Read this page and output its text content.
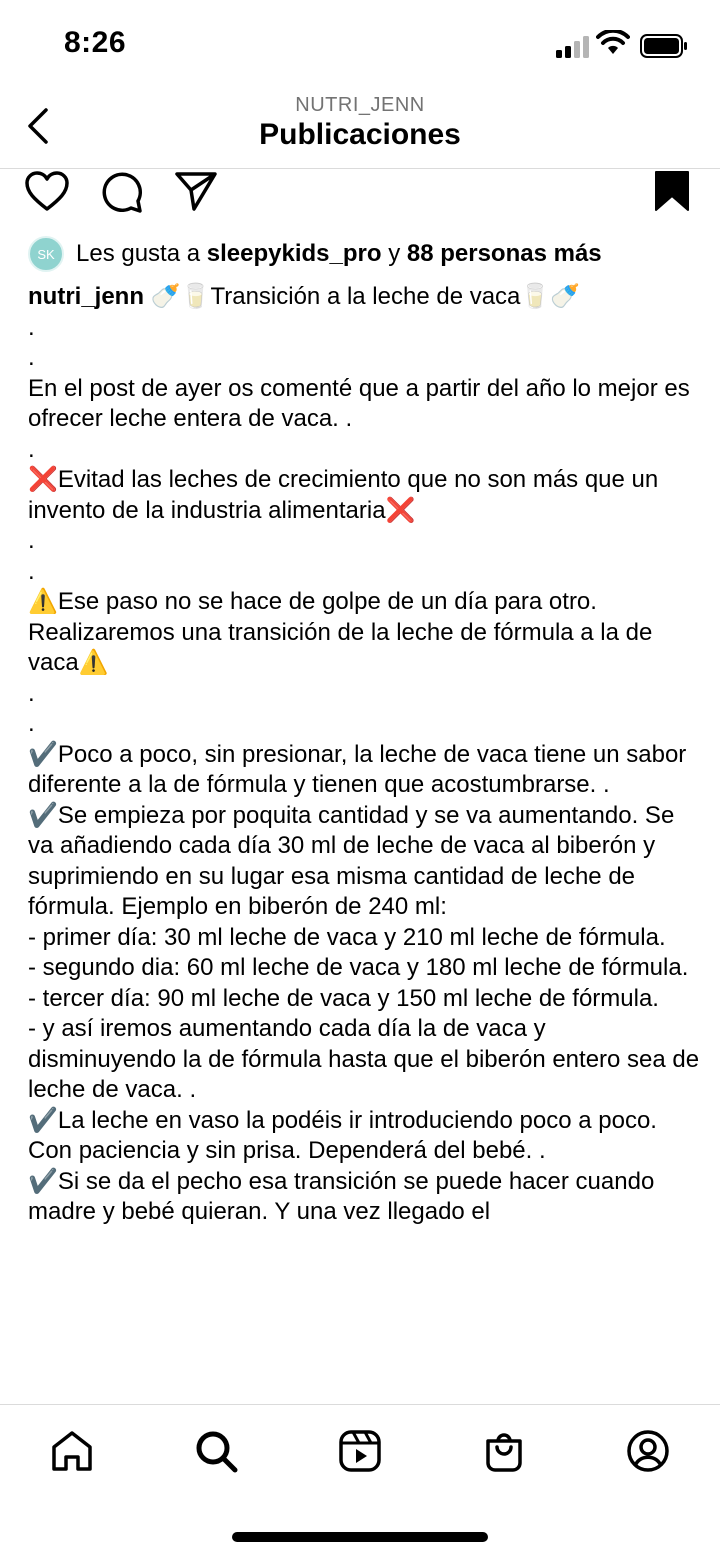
8:26
NUTRI_JENN
Publicaciones
SK Les gusta a
sleepykids_pro
y
88 personas más
nutri_jenn 🍼🥛Transición a la leche de vaca🥛🍼
.
.
En el post de ayer os comenté que a partir del año lo mejor es ofrecer leche entera de vaca. .
.
❌Evitad las leches de crecimiento que no son más que un invento de la industria alimentaria❌
.
.
⚠️Ese paso no se hace de golpe de un día para otro. Realizaremos una transición de la leche de fórmula a la de vaca⚠️
.
.
✔️Poco a poco, sin presionar, la leche de vaca tiene un sabor diferente a la de fórmula y tienen que acostumbrarse. .
✔️Se empieza por poquita cantidad y se va aumentando. Se va añadiendo cada día 30 ml de leche de vaca al biberón y suprimiendo en su lugar esa misma cantidad de leche de fórmula. Ejemplo en biberón de 240 ml:
- primer día: 30 ml leche de vaca y 210 ml leche de fórmula.
- segundo dia: 60 ml leche de vaca y 180 ml leche de fórmula.
- tercer día: 90 ml leche de vaca y 150 ml leche de fórmula.
- y así iremos aumentando cada día la de vaca y disminuyendo la de fórmula hasta que el biberón entero sea de leche de vaca. .
✔️La leche en vaso la podéis ir introduciendo poco a poco. Con paciencia y sin prisa. Dependerá del bebé. .
✔️Si se da el pecho esa transición se puede hacer cuando madre y bebé quieran. Y una vez llegado el
